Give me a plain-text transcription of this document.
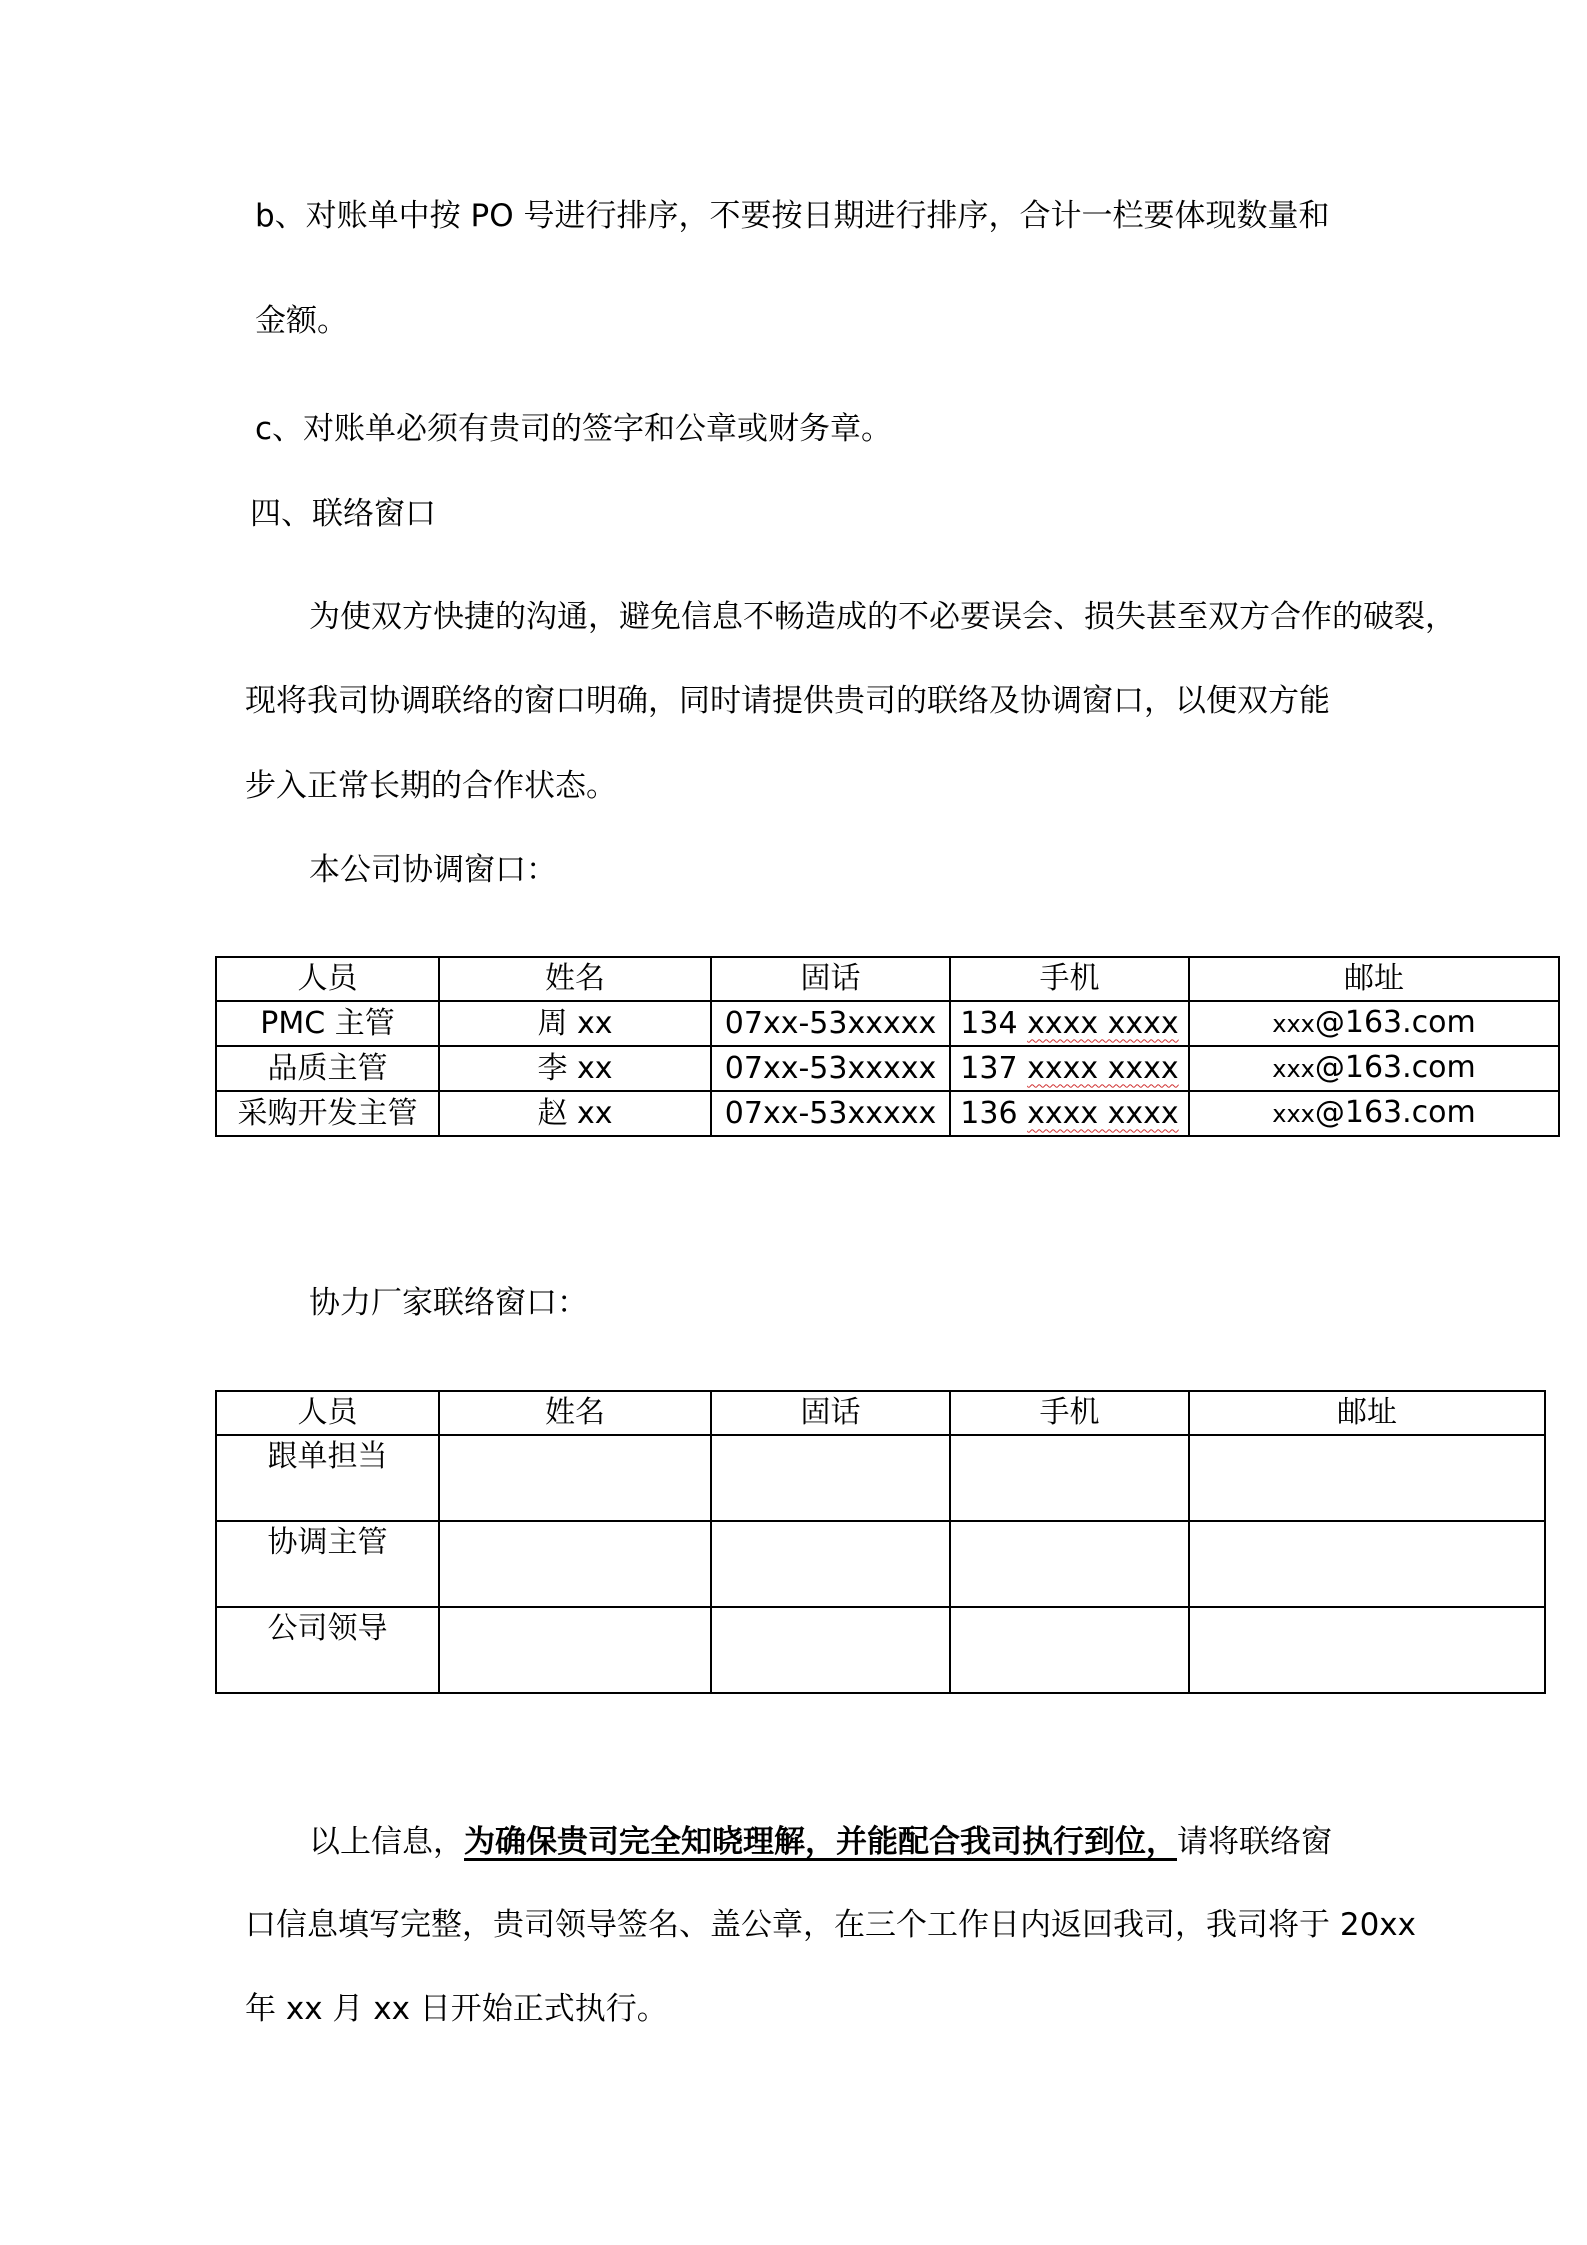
b、对账单中按 PO 号进行排序，不要按日期进行排序，合计一栏要体现数量和
金额。
c、对账单必须有贵司的签字和公章或财务章。
四、联络窗口
为使双方快捷的沟通，避免信息不畅造成的不必要误会、损失甚至双方合作的破裂，
现将我司协调联络的窗口明确，同时请提供贵司的联络及协调窗口，以便双方能
步入正常长期的合作状态。
本公司协调窗口：
人员	姓名	固话	手机	邮址
PMC 主管	周 xx	07xx-53xxxxx	134 xxxx xxxx	xxx@163.com
品质主管	李 xx	07xx-53xxxxx	137 xxxx xxxx	xxx@163.com
采购开发主管	赵 xx	07xx-53xxxxx	136 xxxx xxxx	xxx@163.com
协力厂家联络窗口：
人员	姓名	固话	手机	邮址
跟单担当				
协调主管				
公司领导				
以上信息，为确保贵司完全知晓理解，并能配合我司执行到位，请将联络窗
口信息填写完整，贵司领导签名、盖公章，在三个工作日内返回我司，我司将于 20xx
年 xx 月 xx 日开始正式执行。
